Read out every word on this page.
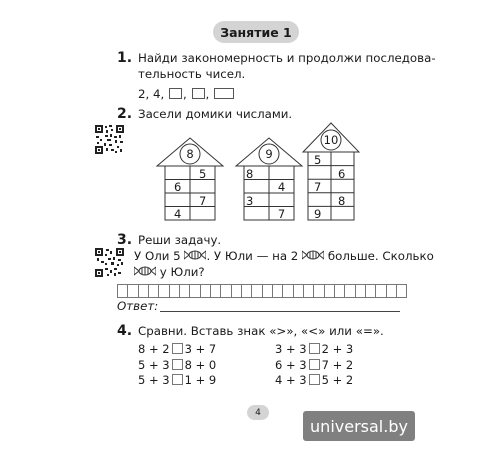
Занятие 1
1. Найди закономерность и продолжи последова-
тельность чисел.
2, 4, , ,
2. Засели домики числами.
8
5
6
7
4
9
8
4
3
7
10
5
6
7
8
9
3. Реши задачу.
У Оли 5 . У Юли — на 2	больше. Сколько
у Юли?
Ответ:
4. Сравни. Вставь знак «>», «<» или «=».
8 + 2 3 + 7
5 + 3 8 + 0
5 + 3 1 + 9
3 + 3 2 + 3
6 + 3 7 + 2
4 + 3 5 + 2
4
universal.by
